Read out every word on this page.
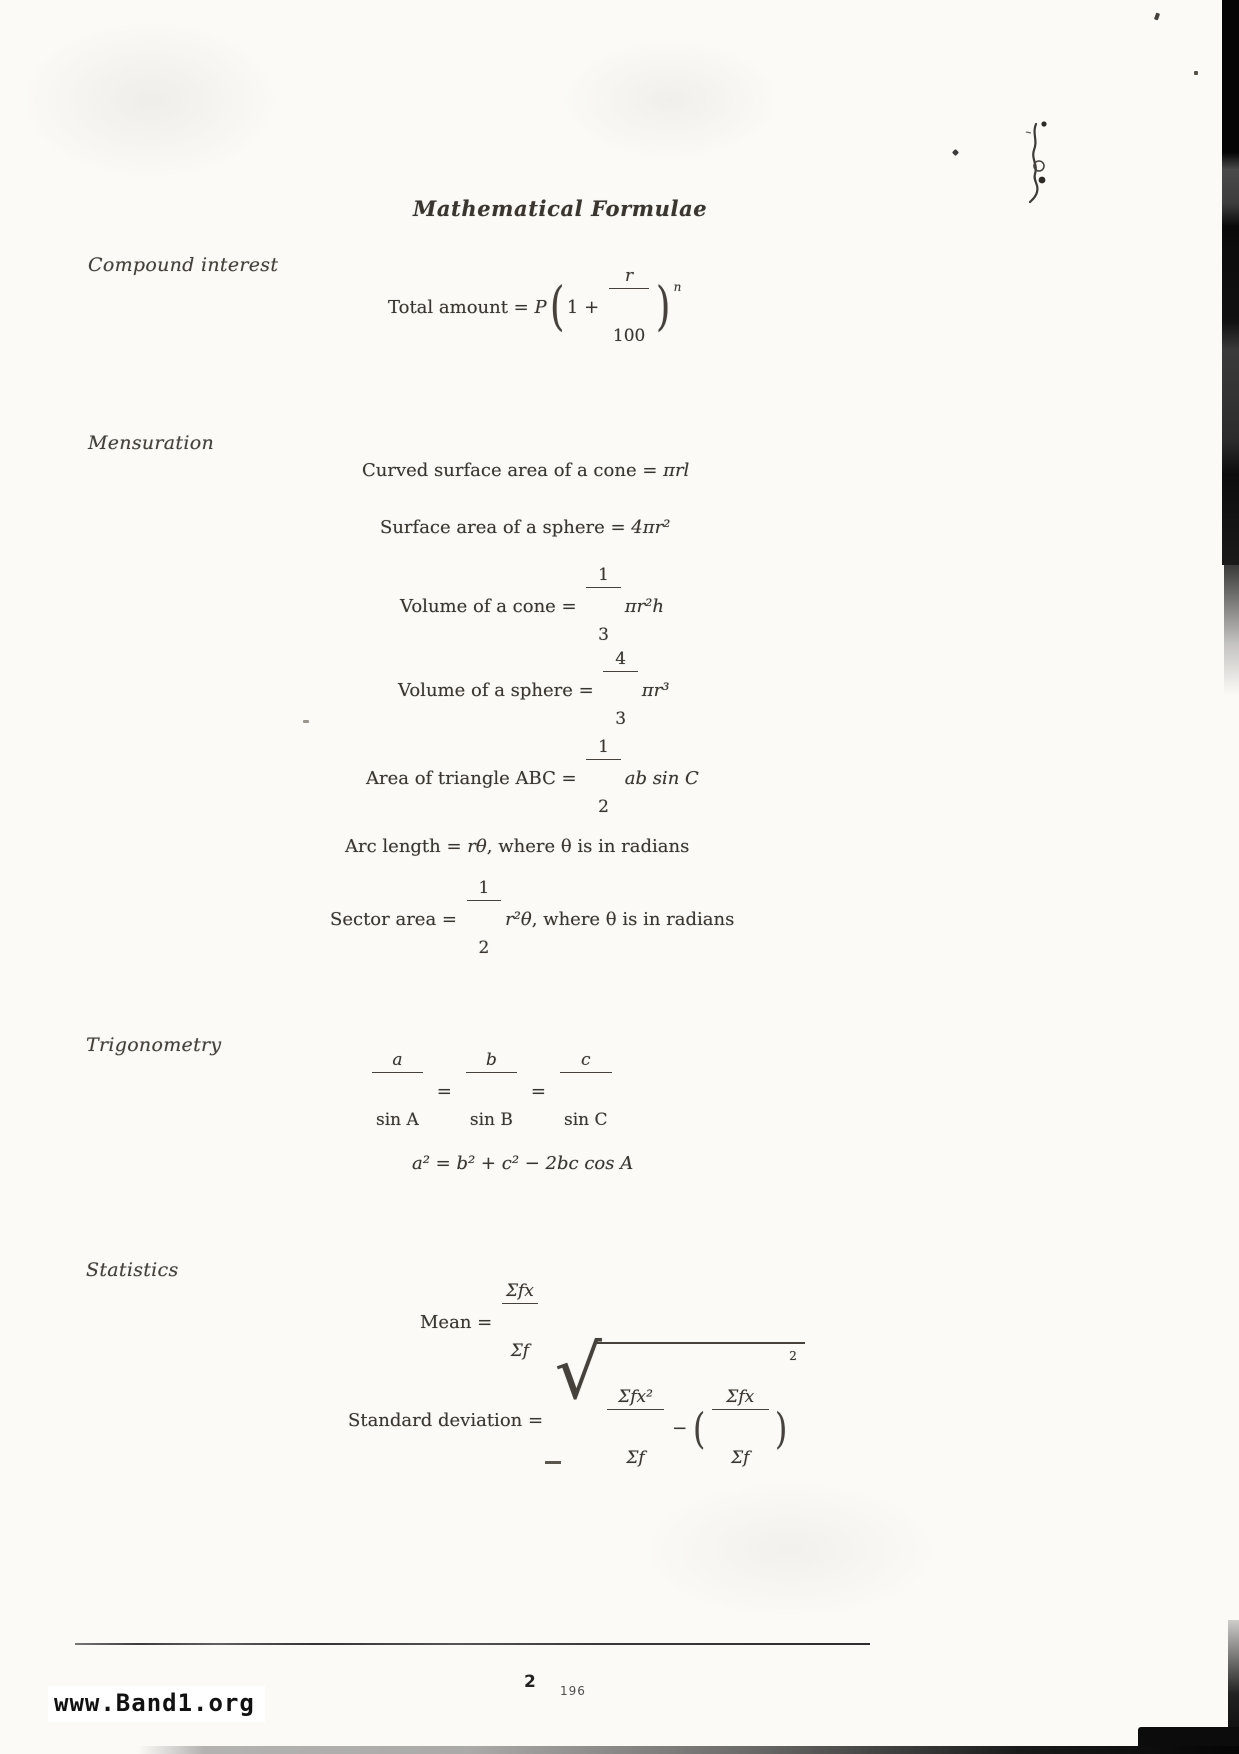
Mathematical Formulae
Compound interest
Total amount = P ( 1 +

$\frac{r}{100}$

) n
Mensuration
Curved surface area of a cone = πrl
Surface area of a sphere = 4πr²
Volume of a cone =

$\frac{1}{3}$

πr²h
Volume of a sphere =

$\frac{4}{3}$

πr³
Area of triangle ABC =

$\frac{1}{2}$

ab sin C
Arc length = rθ , where θ is in radians
Sector area =

$\frac{1}{2}$

r²θ , where θ is in radians
Trigonometry

	$\frac{a}{\text{sin A}}$

=

$\frac{b}{\text{sin B}}$

=

$\frac{c}{\text{sin C}}$

a² = b² + c² − 2bc cos A
Statistics
Mean =

$\frac{\text{Σfx}}{\Sigma f}$

Standard deviation =
√

$\frac{\text{Σfx²}}{\Sigma f}$

− (

$\frac{\text{Σfx}}{\Sigma f}$

)
2
www.Band1.org
2 196
